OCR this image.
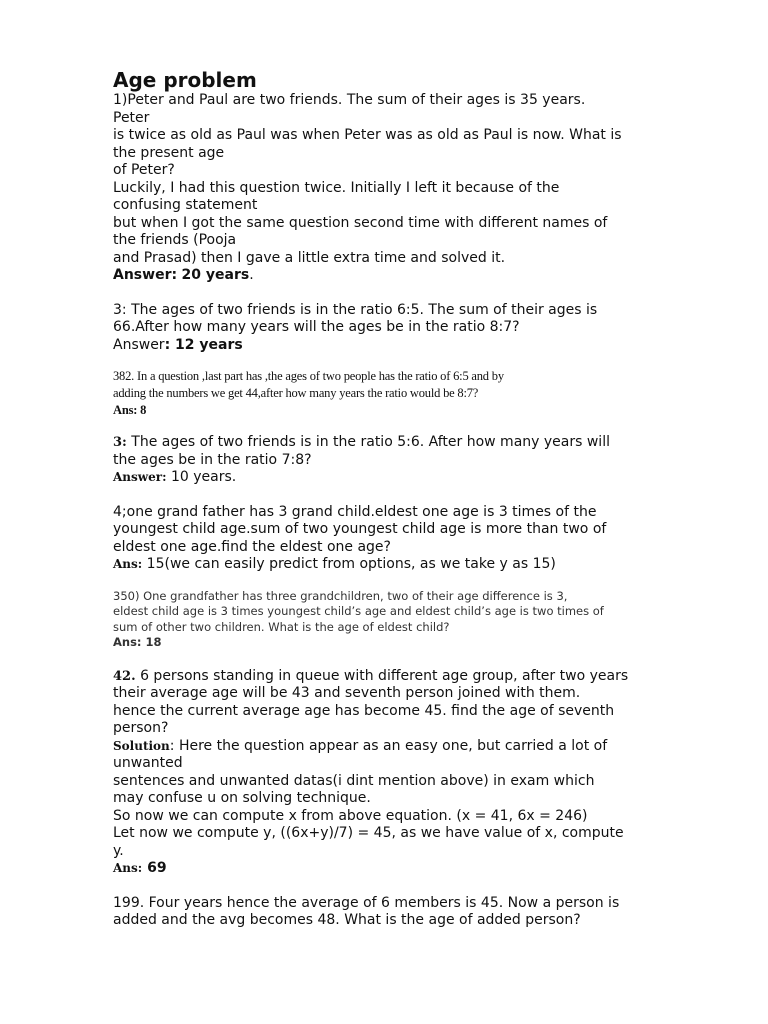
Age problem

1)Peter and Paul are two friends. The sum of their ages is 35 years.

Peter

is twice as old as Paul was when Peter was as old as Paul is now. What is

the present age

of Peter?

Luckily, I had this question twice. Initially I left it because of the

confusing statement

but when I got the same question second time with different names of

the friends (Pooja

and Prasad) then I gave a little extra time and solved it.

Answer: 20 years.

3: The ages of two friends is in the ratio 6:5. The sum of their ages is

66.After how many years will the ages be in the ratio 8:7?

Answer: 12 years

382. In a question ,last part has ,the ages of two people has the ratio of 6:5 and by

adding the numbers we get 44,after how many years the ratio would be 8:7?

Ans: 8

3: The ages of two friends is in the ratio 5:6. After how many years will

the ages be in the ratio 7:8?

Answer: 10 years.

4;one grand father has 3 grand child.eldest one age is 3 times of the

youngest child age.sum of two youngest child age is more than two of

eldest one age.find the eldest one age?

Ans: 15(we can easily predict from options, as we take y as 15)

350) One grandfather has three grandchildren, two of their age difference is 3,

eldest child age is 3 times youngest child’s age and eldest child’s age is two times of

sum of other two children. What is the age of eldest child?

Ans: 18

42. 6 persons standing in queue with different age group, after two years

their average age will be 43 and seventh person joined with them.

hence the current average age has become 45. find the age of seventh

person?

Solution: Here the question appear as an easy one, but carried a lot of

unwanted

sentences and unwanted datas(i dint mention above) in exam which

may confuse u on solving technique.

So now we can compute x from above equation. (x = 41, 6x = 246)

Let now we compute y, ((6x+y)/7) = 45, as we have value of x, compute

y.

Ans: 69

199. Four years hence the average of 6 members is 45. Now a person is

added and the avg becomes 48. What is the age of added person?
